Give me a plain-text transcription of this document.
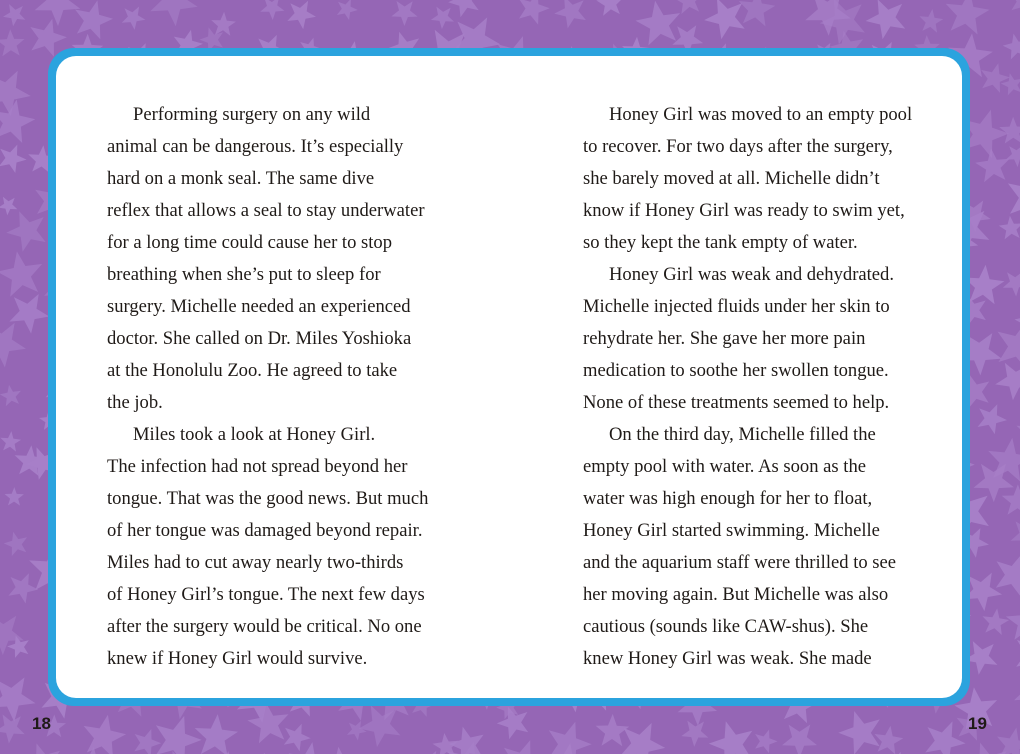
Performing surgery on any wild
animal can be dangerous. It’s especially
hard on a monk seal. The same dive
reflex that allows a seal to stay underwater
for a long time could cause her to stop
breathing when she’s put to sleep for
surgery. Michelle needed an experienced
doctor. She called on Dr. Miles Yoshioka
at the Honolulu Zoo. He agreed to take
the job.
Miles took a look at Honey Girl.
The infection had not spread beyond her
tongue. That was the good news. But much
of her tongue was damaged beyond repair.
Miles had to cut away nearly two-thirds
of Honey Girl’s tongue. The next few days
after the surgery would be critical. No one
knew if Honey Girl would survive.
Honey Girl was moved to an empty pool
to recover. For two days after the surgery,
she barely moved at all. Michelle didn’t
know if Honey Girl was ready to swim yet,
so they kept the tank empty of water.
Honey Girl was weak and dehydrated.
Michelle injected fluids under her skin to
rehydrate her. She gave her more pain
medication to soothe her swollen tongue.
None of these treatments seemed to help.
On the third day, Michelle filled the
empty pool with water. As soon as the
water was high enough for her to float,
Honey Girl started swimming. Michelle
and the aquarium staff were thrilled to see
her moving again. But Michelle was also
cautious (sounds like CAW-shus). She
knew Honey Girl was weak. She made
18	19
